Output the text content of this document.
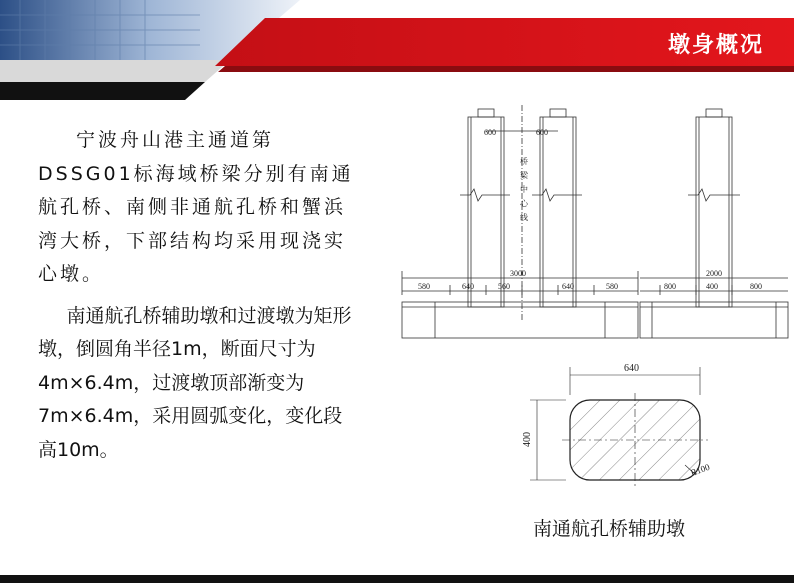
墩身概况

宁波舟山港主通道第DSSG01标海域桥梁分别有南通航孔桥、南侧非通航孔桥和蟹浜湾大桥，下部结构均采用现浇实心墩。

南通航孔桥辅助墩和过渡墩为矩形墩，倒圆角半径1m，断面尺寸为4m×6.4m，过渡墩顶部渐变为7m×6.4m，采用圆弧变化，变化段高10m。

600	600
3000
580	640	560	640	580
桥梁中心线
2000
800	400	800
640
400
R100
南通航孔桥辅助墩
